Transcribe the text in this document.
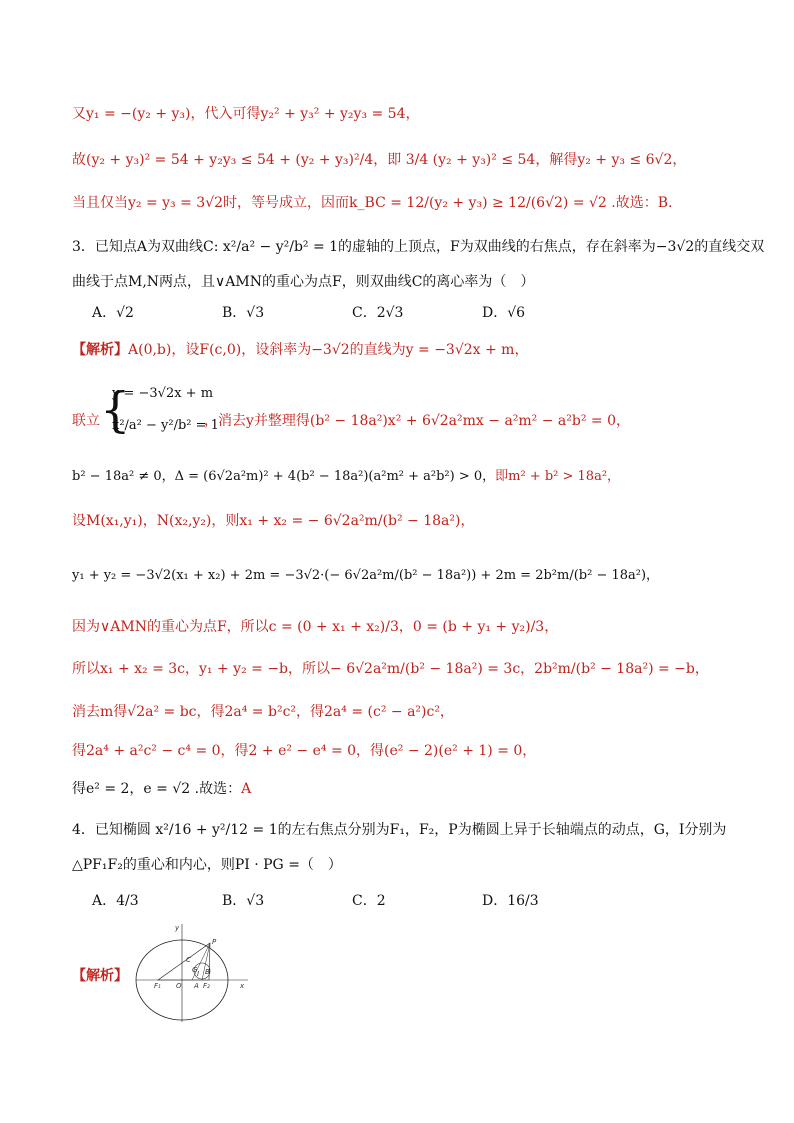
又y₁ = −(y₂ + y₃)，代入可得y₂² + y₃² + y₂y₃ = 54，
故(y₂ + y₃)² = 54 + y₂y₃ ≤ 54 + (y₂ + y₃)²/4，即 3/4 (y₂ + y₃)² ≤ 54，解得y₂ + y₃ ≤ 6√2，
当且仅当y₂ = y₃ = 3√2时，等号成立，因而k_BC = 12/(y₂ + y₃) ≥ 12/(6√2) = √2 .故选：B.
3．已知点A为双曲线C: x²/a² − y²/b² = 1的虚轴的上顶点，F为双曲线的右焦点，存在斜率为−3√2的直线交双
曲线于点M,N两点，且∨AMN的重心为点F，则双曲线C的离心率为（　）
A．√2	B．√3	C．2√3	D．√6
【解析】A(0,b)，设F(c,0)，设斜率为−3√2的直线为y = −3√2x + m，
联立 {
y = −3√2x + m
x²/a² − y²/b² = 1
，消去y并整理得(b² − 18a²)x² + 6√2a²mx − a²m² − a²b² = 0，
b² − 18a² ≠ 0，Δ = (6√2a²m)² + 4(b² − 18a²)(a²m² + a²b²) > 0，即m² + b² > 18a²，
设M(x₁,y₁)，N(x₂,y₂)，则x₁ + x₂ = − 6√2a²m/(b² − 18a²)，
y₁ + y₂ = −3√2(x₁ + x₂) + 2m = −3√2·(− 6√2a²m/(b² − 18a²)) + 2m = 2b²m/(b² − 18a²)，
因为∨AMN的重心为点F，所以c = (0 + x₁ + x₂)/3，0 = (b + y₁ + y₂)/3，
所以x₁ + x₂ = 3c，y₁ + y₂ = −b，所以− 6√2a²m/(b² − 18a²) = 3c，2b²m/(b² − 18a²) = −b，
消去m得√2a² = bc，得2a⁴ = b²c²，得2a⁴ = (c² − a²)c²，
得2a⁴ + a²c² − c⁴ = 0，得2 + e² − e⁴ = 0，得(e² − 2)(e² + 1) = 0，
得e² = 2，e = √2 .故选：A
4．已知椭圆 x²/16 + y²/12 = 1的左右焦点分别为F₁，F₂，P为椭圆上异于长轴端点的动点，G，I分别为
△PF₁F₂的重心和内心，则PI · PG =（　）
A．4/3	B．√3	C．2	D．16/3
【解析】
y
P
C
G I B
F₁ O A F₂	x
